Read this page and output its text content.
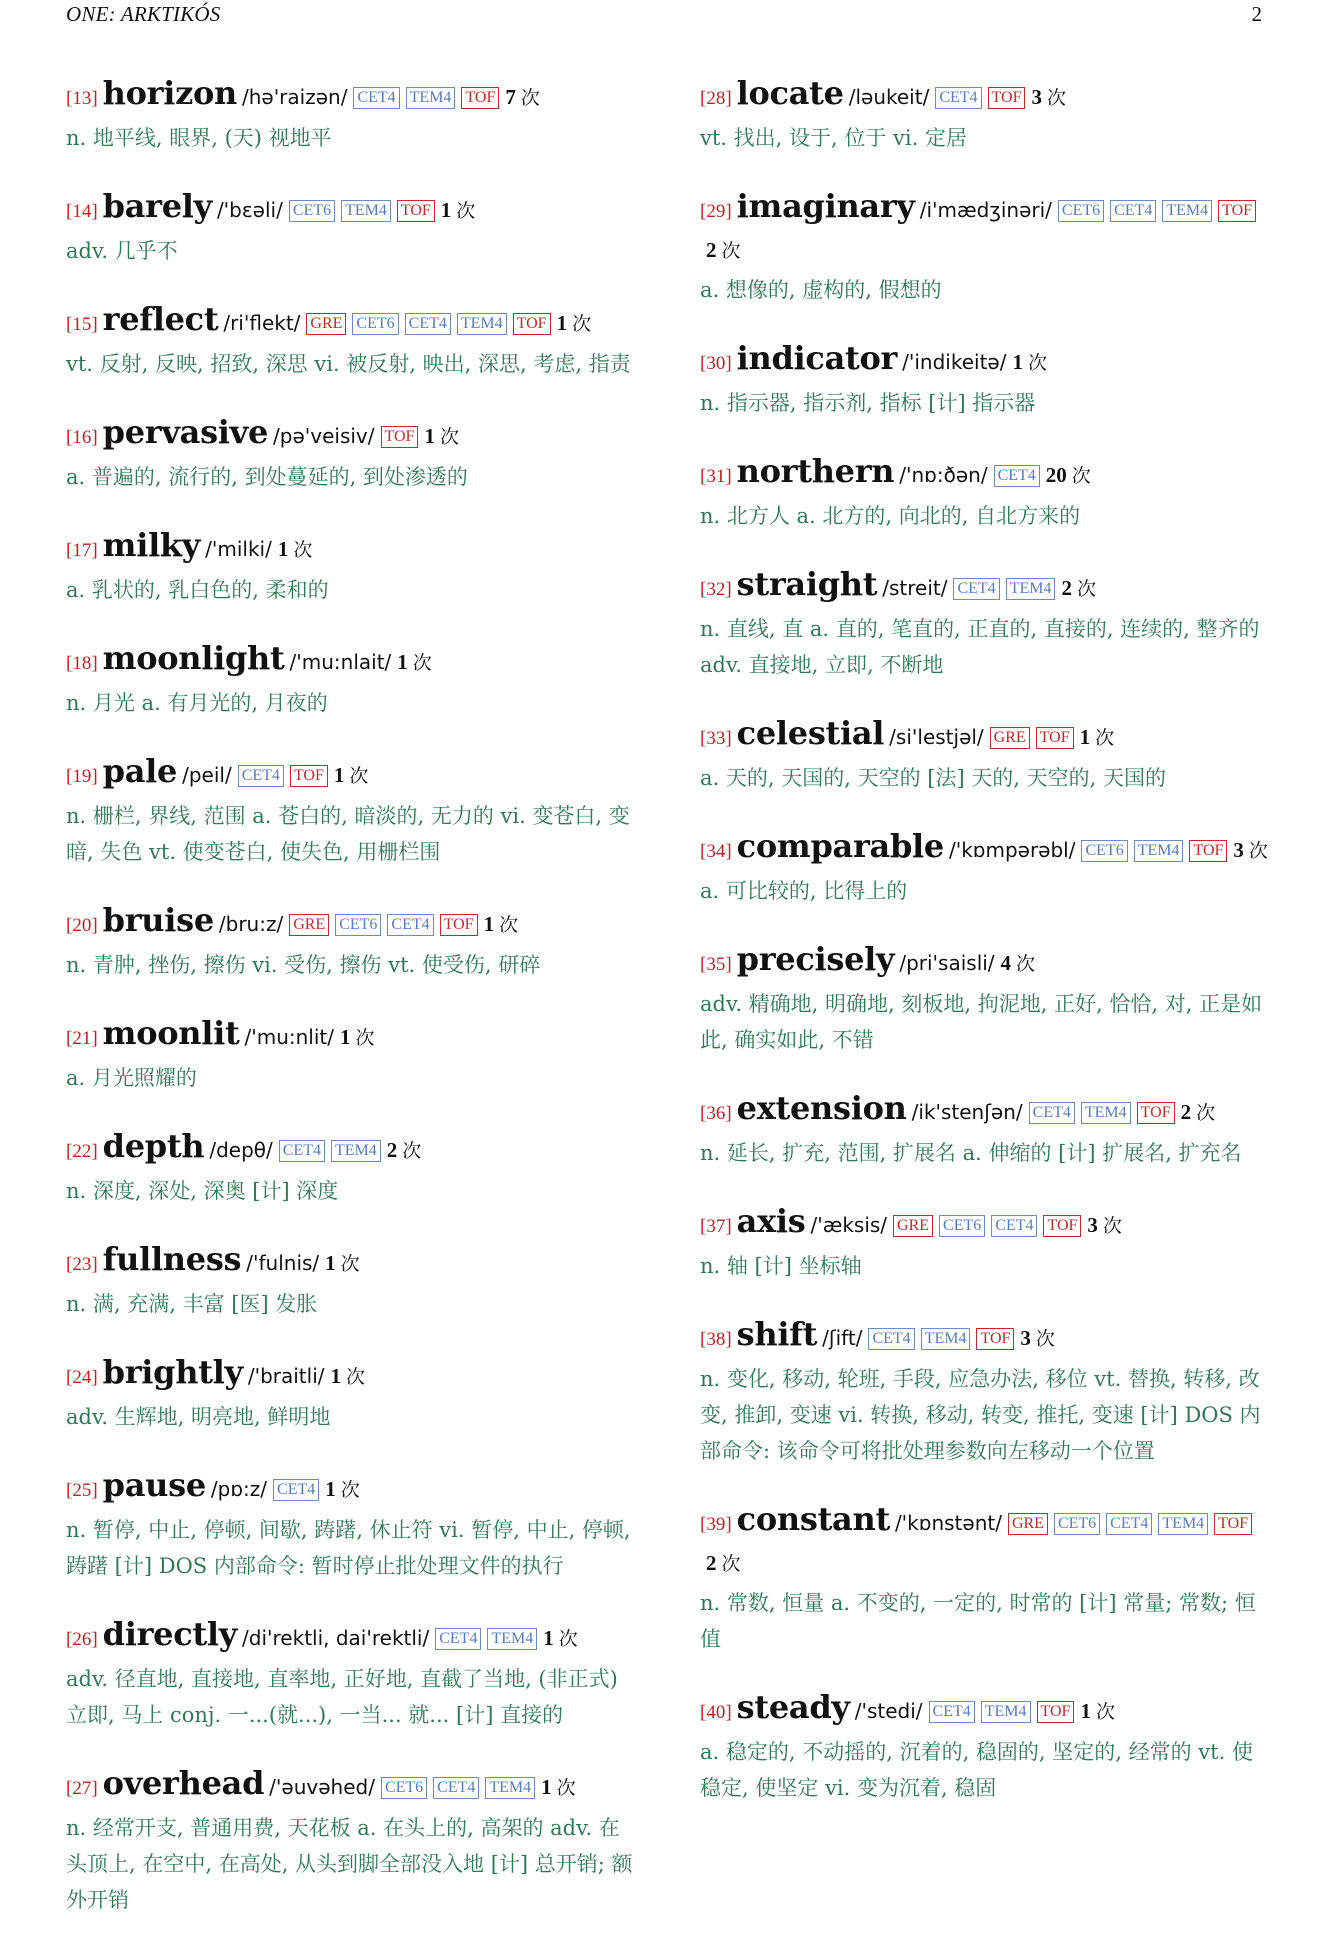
ONE: ARKTIKÓS	2
[13] horizon /hə'raizən/ CET4 TEM4 TOF 7 次
n. 地平线, 眼界, (天) 视地平
[14] barely /'bɛəli/ CET6 TEM4 TOF 1 次
adv. 几乎不
[15] reflect /ri'flekt/ GRE CET6 CET4 TEM4 TOF 1 次
vt. 反射, 反映, 招致, 深思 vi. 被反射, 映出, 深思, 考虑, 指责
[16] pervasive /pə'veisiv/ TOF 1 次
a. 普遍的, 流行的, 到处蔓延的, 到处渗透的
[17] milky /'milki/ 1 次
a. 乳状的, 乳白色的, 柔和的
[18] moonlight /'mu:nlait/ 1 次
n. 月光 a. 有月光的, 月夜的
[19] pale /peil/ CET4 TOF 1 次
n. 栅栏, 界线, 范围 a. 苍白的, 暗淡的, 无力的 vi. 变苍白, 变暗, 失色 vt. 使变苍白, 使失色, 用栅栏围
[20] bruise /bru:z/ GRE CET6 CET4 TOF 1 次
n. 青肿, 挫伤, 擦伤 vi. 受伤, 擦伤 vt. 使受伤, 研碎
[21] moonlit /'mu:nlit/ 1 次
a. 月光照耀的
[22] depth /depθ/ CET4 TEM4 2 次
n. 深度, 深处, 深奥 [计] 深度
[23] fullness /'fulnis/ 1 次
n. 满, 充满, 丰富 [医] 发胀
[24] brightly /'braitli/ 1 次
adv. 生辉地, 明亮地, 鲜明地
[25] pause /pɒ:z/ CET4 1 次
n. 暂停, 中止, 停顿, 间歇, 踌躇, 休止符 vi. 暂停, 中止, 停顿, 踌躇 [计] DOS 内部命令: 暂时停止批处理文件的执行
[26] directly /di'rektli, dai'rektli/ CET4 TEM4 1 次
adv. 径直地, 直接地, 直率地, 正好地, 直截了当地, (非正式) 立即, 马上 conj. 一...(就...), 一当... 就... [计] 直接的
[27] overhead /'əuvəhed/ CET6 CET4 TEM4 1 次
n. 经常开支, 普通用费, 天花板 a. 在头上的, 高架的 adv. 在头顶上, 在空中, 在高处, 从头到脚全部没入地 [计] 总开销; 额外开销
[28] locate /ləukeit/ CET4 TOF 3 次
vt. 找出, 设于, 位于 vi. 定居
[29] imaginary /i'mædʒinəri/ CET6 CET4 TEM4 TOF2 次
a. 想像的, 虚构的, 假想的
[30] indicator /'indikeitə/ 1 次
n. 指示器, 指示剂, 指标 [计] 指示器
[31] northern /'nɒ:ðən/ CET4 20 次
n. 北方人 a. 北方的, 向北的, 自北方来的
[32] straight /streit/ CET4 TEM4 2 次
n. 直线, 直 a. 直的, 笔直的, 正直的, 直接的, 连续的, 整齐的 adv. 直接地, 立即, 不断地
[33] celestial /si'lestjəl/ GRE TOF 1 次
a. 天的, 天国的, 天空的 [法] 天的, 天空的, 天国的
[34] comparable /'kɒmpərəbl/ CET6 TEM4 TOF 3 次
a. 可比较的, 比得上的
[35] precisely /pri'saisli/ 4 次
adv. 精确地, 明确地, 刻板地, 拘泥地, 正好, 恰恰, 对, 正是如此, 确实如此, 不错
[36] extension /ik'stenʃən/ CET4 TEM4 TOF 2 次
n. 延长, 扩充, 范围, 扩展名 a. 伸缩的 [计] 扩展名, 扩充名
[37] axis /'æksis/ GRE CET6 CET4 TOF 3 次
n. 轴 [计] 坐标轴
[38] shift /ʃift/ CET4 TEM4 TOF 3 次
n. 变化, 移动, 轮班, 手段, 应急办法, 移位 vt. 替换, 转移, 改变, 推卸, 变速 vi. 转换, 移动, 转变, 推托, 变速 [计] DOS 内部命令: 该命令可将批处理参数向左移动一个位置
[39] constant /'kɒnstənt/ GRE CET6 CET4 TEM4 TOF2 次
n. 常数, 恒量 a. 不变的, 一定的, 时常的 [计] 常量; 常数; 恒值
[40] steady /'stedi/ CET4 TEM4 TOF 1 次
a. 稳定的, 不动摇的, 沉着的, 稳固的, 坚定的, 经常的 vt. 使稳定, 使坚定 vi. 变为沉着, 稳固
